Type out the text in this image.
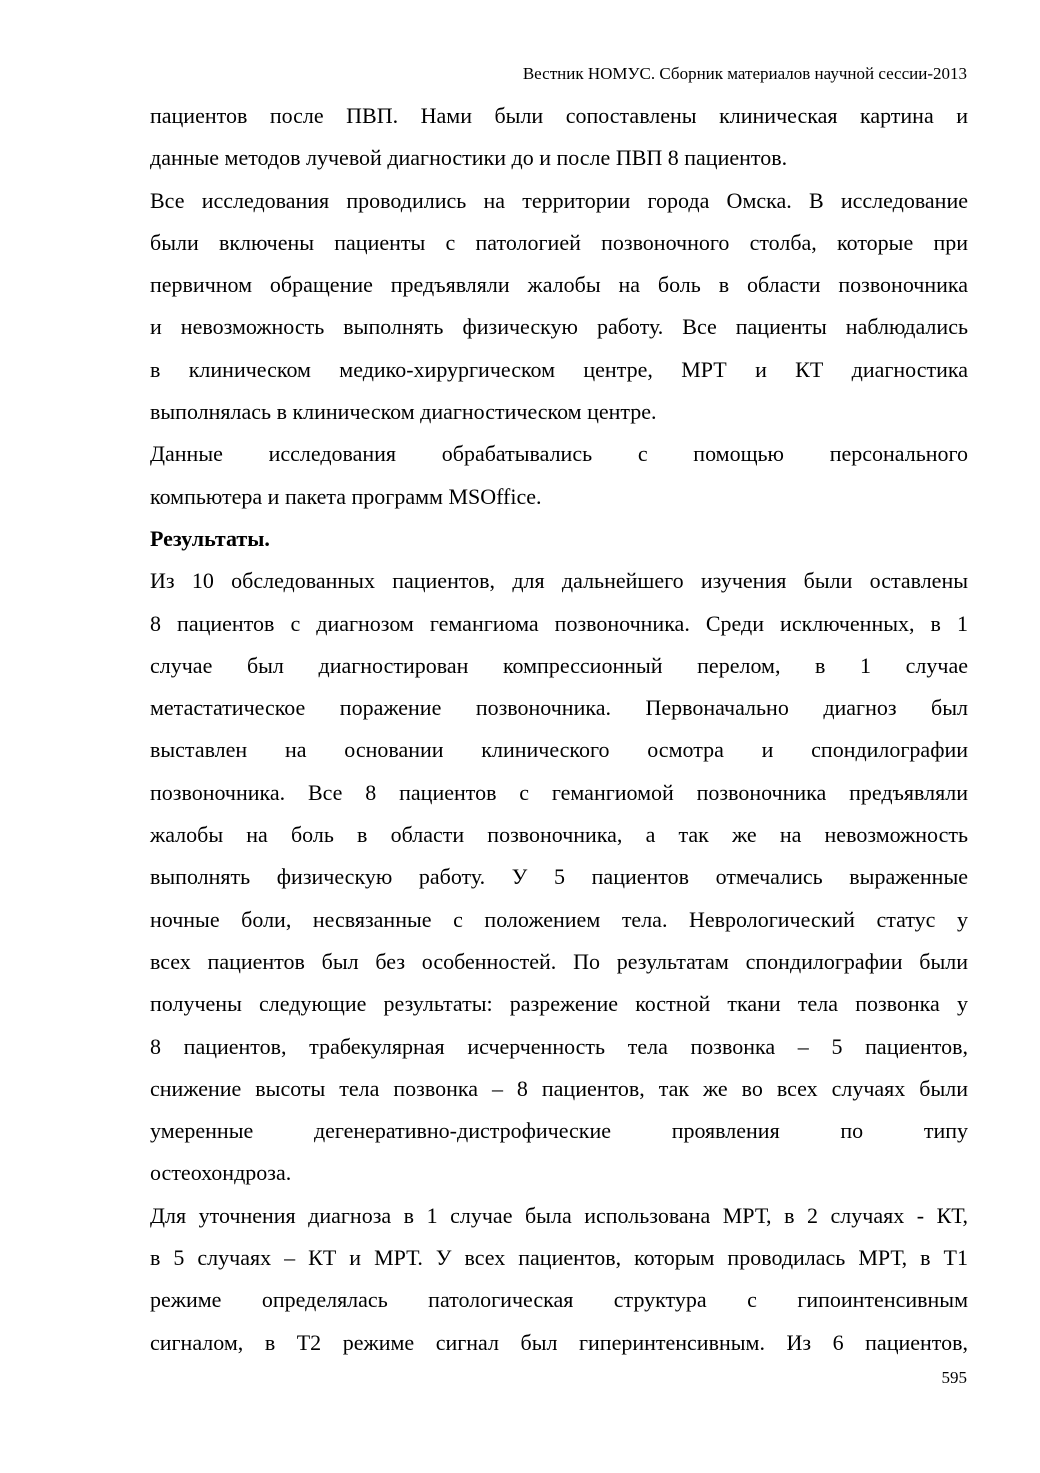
Вестник НОМУС. Сборник материалов научной сессии-2013
пациентов после ПВП. Нами были сопоставлены клиническая картина и
данные методов лучевой диагностики до и после ПВП 8 пациентов.
Все исследования проводились на территории города Омска. В исследование
были включены пациенты с патологией позвоночного столба, которые при
первичном обращение предъявляли жалобы на боль в области позвоночника
и невозможность выполнять физическую работу. Все пациенты наблюдались
в клиническом медико-хирургическом центре, МРТ и КТ диагностика
выполнялась в клиническом диагностическом центре.
Данные исследования обрабатывались с помощью персонального
компьютера и пакета программ MSOffice.
Результаты.
Из 10 обследованных пациентов, для дальнейшего изучения были оставлены
8 пациентов с диагнозом гемангиома позвоночника. Среди исключенных, в 1
случае был диагностирован компрессионный перелом, в 1 случае
метастатическое поражение позвоночника. Первоначально диагноз был
выставлен на основании клинического осмотра и спондилографии
позвоночника. Все 8 пациентов с гемангиомой позвоночника предъявляли
жалобы на боль в области позвоночника, а так же на невозможность
выполнять физическую работу. У 5 пациентов отмечались выраженные
ночные боли, несвязанные с положением тела. Неврологический статус у
всех пациентов был без особенностей. По результатам спондилографии были
получены следующие результаты: разрежение костной ткани тела позвонка у
8 пациентов, трабекулярная исчерченность тела позвонка – 5 пациентов,
снижение высоты тела позвонка – 8 пациентов, так же во всех случаях были
умеренные дегенеративно-дистрофические проявления по типу
остеохондроза.
Для уточнения диагноза в 1 случае была использована МРТ, в 2 случаях - КТ,
в 5 случаях – КТ и МРТ. У всех пациентов, которым проводилась МРТ, в Т1
режиме определялась патологическая структура с гипоинтенсивным
сигналом, в Т2 режиме сигнал был гиперинтенсивным. Из 6 пациентов,
595
